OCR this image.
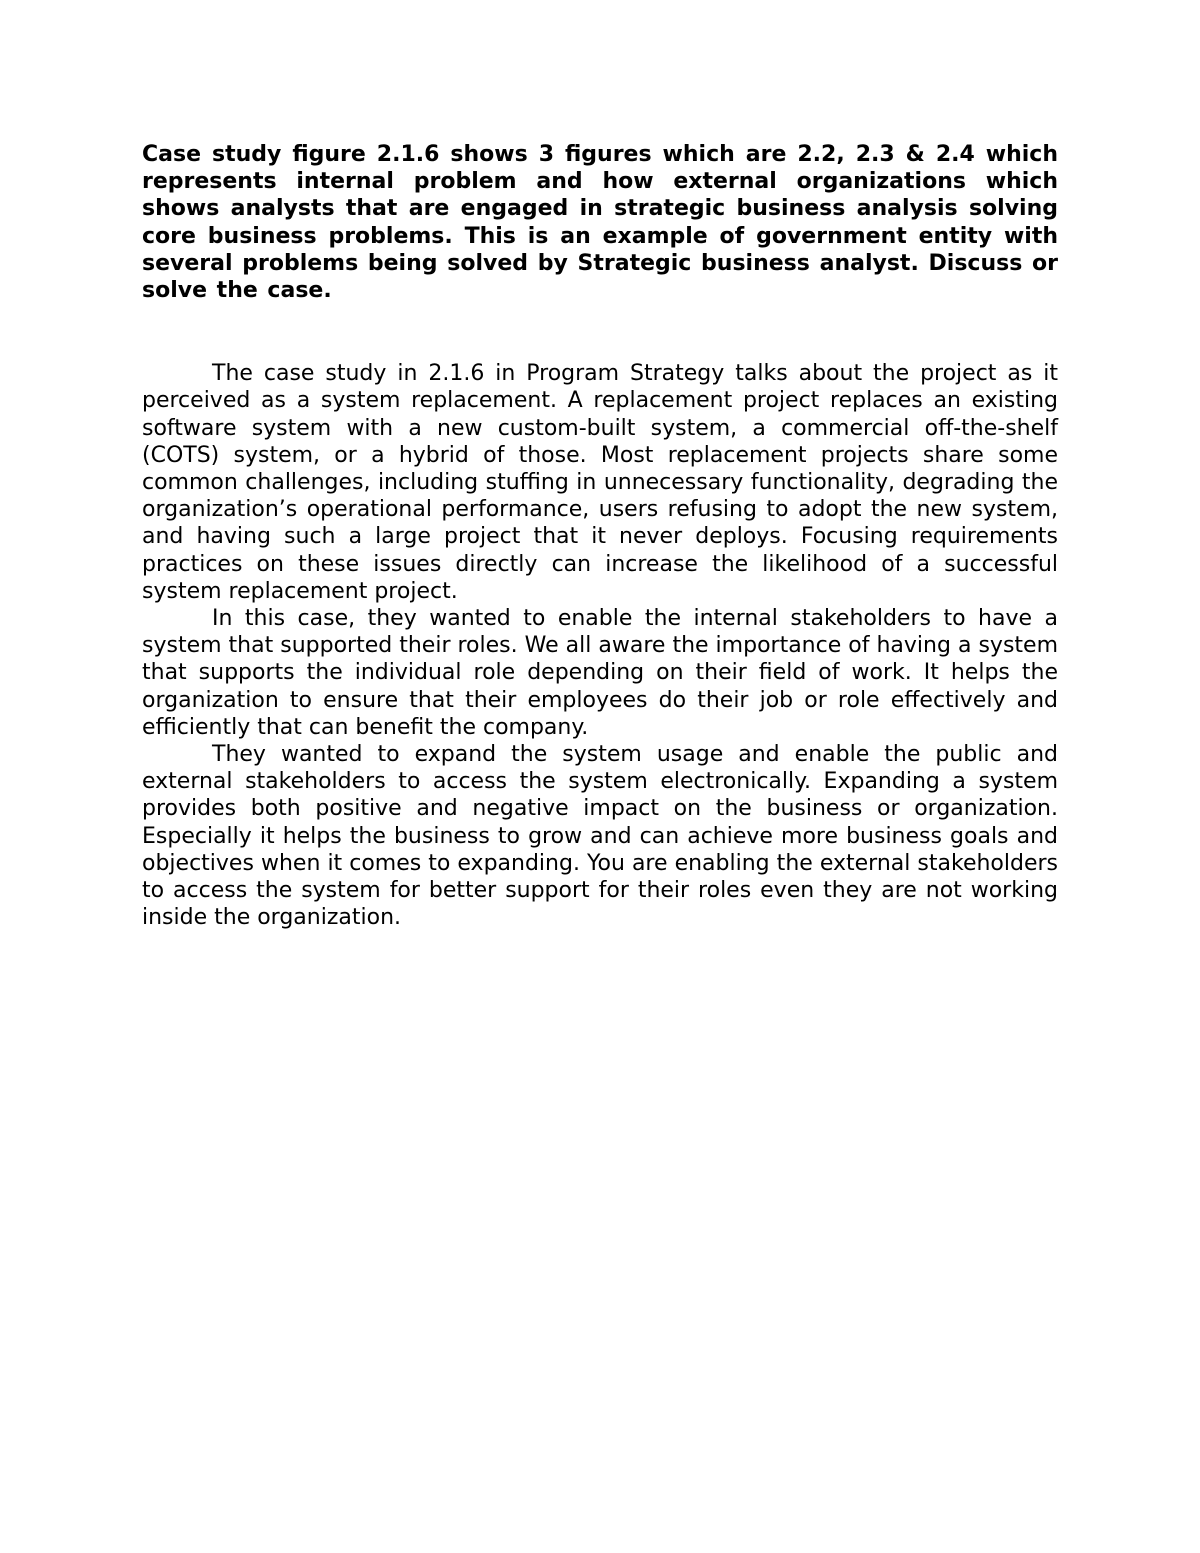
Case study figure 2.1.6 shows 3 figures which are 2.2, 2.3 & 2.4 which represents internal problem and how external organizations which shows analysts that are engaged in strategic business analysis solving core business problems. This is an example of government entity with several problems being solved by Strategic business analyst. Discuss or solve the case.

The case study in 2.1.6 in Program Strategy talks about the project as it perceived as a system replacement. A replacement project replaces an existing software system with a new custom-built system, a commercial off-the-shelf (COTS) system, or a hybrid of those. Most replacement projects share some common challenges, including stuffing in unnecessary functionality, degrading the organization’s operational performance, users refusing to adopt the new system, and having such a large project that it never deploys. Focusing requirements practices on these issues directly can increase the likelihood of a successful system replacement project.

In this case, they wanted to enable the internal stakeholders to have a system that supported their roles. We all aware the importance of having a system that supports the individual role depending on their field of work. It helps the organization to ensure that their employees do their job or role effectively and efficiently that can benefit the company.

They wanted to expand the system usage and enable the public and external stakeholders to access the system electronically. Expanding a system provides both positive and negative impact on the business or organization. Especially it helps the business to grow and can achieve more business goals and objectives when it comes to expanding. You are enabling the external stakeholders to access the system for better support for their roles even they are not working inside the organization.
